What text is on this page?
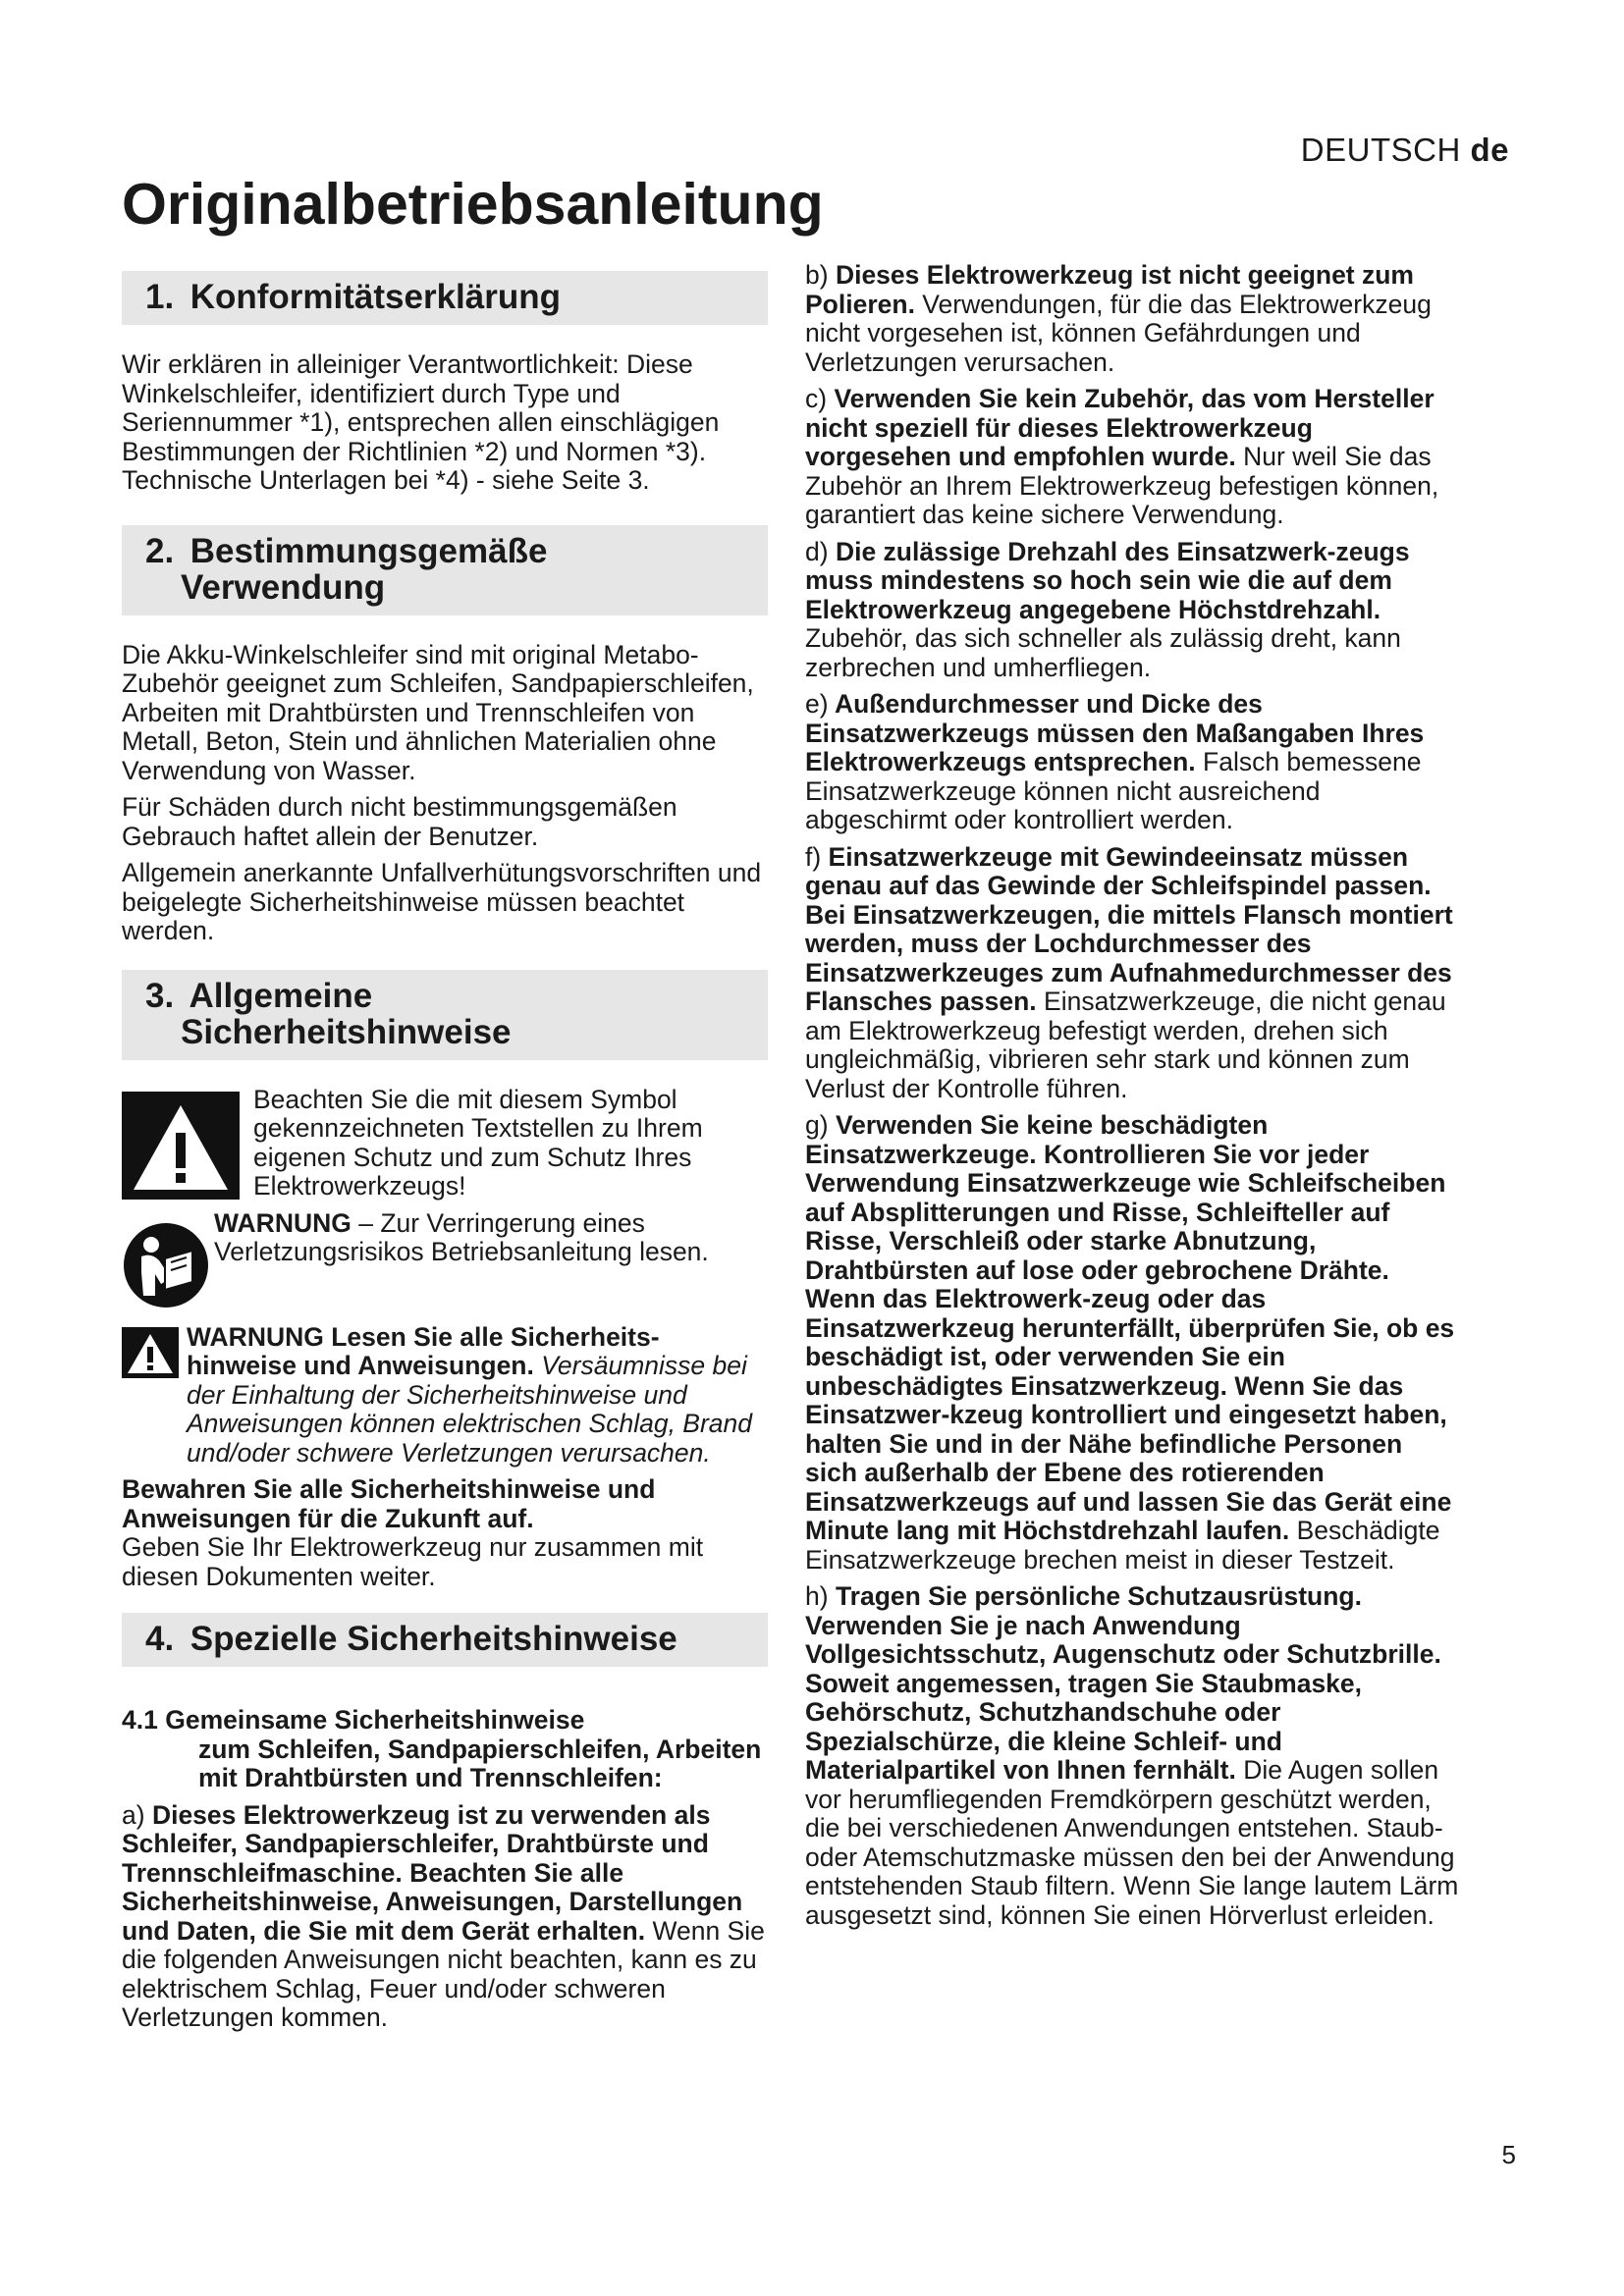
DEUTSCH de
Originalbetriebsanleitung
1. Konformitätserklärung

Wir erklären in alleiniger Verantwortlichkeit: Diese Winkelschleifer, identifiziert durch Type und Seriennummer *1), entsprechen allen einschlägigen Bestimmungen der Richtlinien *2) und Normen *3). Technische Unterlagen bei *4) - siehe Seite 3.

2. Bestimmungsgemäße
Verwendung

Die Akku-Winkelschleifer sind mit original Metabo-Zubehör geeignet zum Schleifen, Sandpapierschleifen, Arbeiten mit Drahtbürsten und Trennschleifen von Metall, Beton, Stein und ähnlichen Materialien ohne Verwendung von Wasser.

Für Schäden durch nicht bestimmungsgemäßen Gebrauch haftet allein der Benutzer.

Allgemein anerkannte Unfallverhütungsvorschriften und beigelegte Sicherheitshinweise müssen beachtet werden.

3. Allgemeine
Sicherheitshinweise

Beachten Sie die mit diesem Symbol gekennzeichneten Textstellen zu Ihrem eigenen Schutz und zum Schutz Ihres Elektrowerkzeugs!

WARNUNG – Zur Verringerung eines Verletzungsrisikos Betriebsanleitung lesen.

WARNUNG Lesen Sie alle Sicherheits-hinweise und Anweisungen. Versäumnisse bei der Einhaltung der Sicherheitshinweise und Anweisungen können elektrischen Schlag, Brand und/oder schwere Verletzungen verursachen.

Bewahren Sie alle Sicherheitshinweise und Anweisungen für die Zukunft auf.
Geben Sie Ihr Elektrowerkzeug nur zusammen mit diesen Dokumenten weiter.

4. Spezielle Sicherheitshinweise

4.1 Gemeinsame Sicherheitshinweise
zum Schleifen, Sandpapierschleifen, Arbeiten mit Drahtbürsten und Trennschleifen:

a) Dieses Elektrowerkzeug ist zu verwenden als Schleifer, Sandpapierschleifer, Drahtbürste und Trennschleifmaschine. Beachten Sie alle Sicherheitshinweise, Anweisungen, Darstellungen und Daten, die Sie mit dem Gerät erhalten. Wenn Sie die folgenden Anweisungen nicht beachten, kann es zu elektrischem Schlag, Feuer und/oder schweren Verletzungen kommen.

b) Dieses Elektrowerkzeug ist nicht geeignet zum Polieren. Verwendungen, für die das Elektrowerkzeug nicht vorgesehen ist, können Gefährdungen und Verletzungen verursachen.

c) Verwenden Sie kein Zubehör, das vom Hersteller nicht speziell für dieses Elektrowerkzeug vorgesehen und empfohlen wurde. Nur weil Sie das Zubehör an Ihrem Elektrowerkzeug befestigen können, garantiert das keine sichere Verwendung.

d) Die zulässige Drehzahl des Einsatzwerk-zeugs muss mindestens so hoch sein wie die auf dem Elektrowerkzeug angegebene Höchstdrehzahl. Zubehör, das sich schneller als zulässig dreht, kann zerbrechen und umherfliegen.

e) Außendurchmesser und Dicke des Einsatzwerkzeugs müssen den Maßangaben Ihres Elektrowerkzeugs entsprechen. Falsch bemessene Einsatzwerkzeuge können nicht ausreichend abgeschirmt oder kontrolliert werden.

f) Einsatzwerkzeuge mit Gewindeeinsatz müssen genau auf das Gewinde der Schleifspindel passen. Bei Einsatzwerkzeugen, die mittels Flansch montiert werden, muss der Lochdurchmesser des Einsatzwerkzeuges zum Aufnahmedurchmesser des Flansches passen. Einsatzwerkzeuge, die nicht genau am Elektrowerkzeug befestigt werden, drehen sich ungleichmäßig, vibrieren sehr stark und können zum Verlust der Kontrolle führen.

g) Verwenden Sie keine beschädigten Einsatzwerkzeuge. Kontrollieren Sie vor jeder Verwendung Einsatzwerkzeuge wie Schleifscheiben auf Absplitterungen und Risse, Schleifteller auf Risse, Verschleiß oder starke Abnutzung, Drahtbürsten auf lose oder gebrochene Drähte. Wenn das Elektrowerk-zeug oder das Einsatzwerkzeug herunterfällt, überprüfen Sie, ob es beschädigt ist, oder verwenden Sie ein unbeschädigtes Einsatzwerkzeug. Wenn Sie das Einsatzwer-kzeug kontrolliert und eingesetzt haben, halten Sie und in der Nähe befindliche Personen sich außerhalb der Ebene des rotierenden Einsatzwerkzeugs auf und lassen Sie das Gerät eine Minute lang mit Höchstdrehzahl laufen. Beschädigte Einsatzwerkzeuge brechen meist in dieser Testzeit.

h) Tragen Sie persönliche Schutzausrüstung. Verwenden Sie je nach Anwendung Vollgesichtsschutz, Augenschutz oder Schutzbrille. Soweit angemessen, tragen Sie Staubmaske, Gehörschutz, Schutzhandschuhe oder Spezialschürze, die kleine Schleif- und Materialpartikel von Ihnen fernhält. Die Augen sollen vor herumfliegenden Fremdkörpern geschützt werden, die bei verschiedenen Anwendungen entstehen. Staub- oder Atemschutzmaske müssen den bei der Anwendung entstehenden Staub filtern. Wenn Sie lange lautem Lärm ausgesetzt sind, können Sie einen Hörverlust erleiden.

5
